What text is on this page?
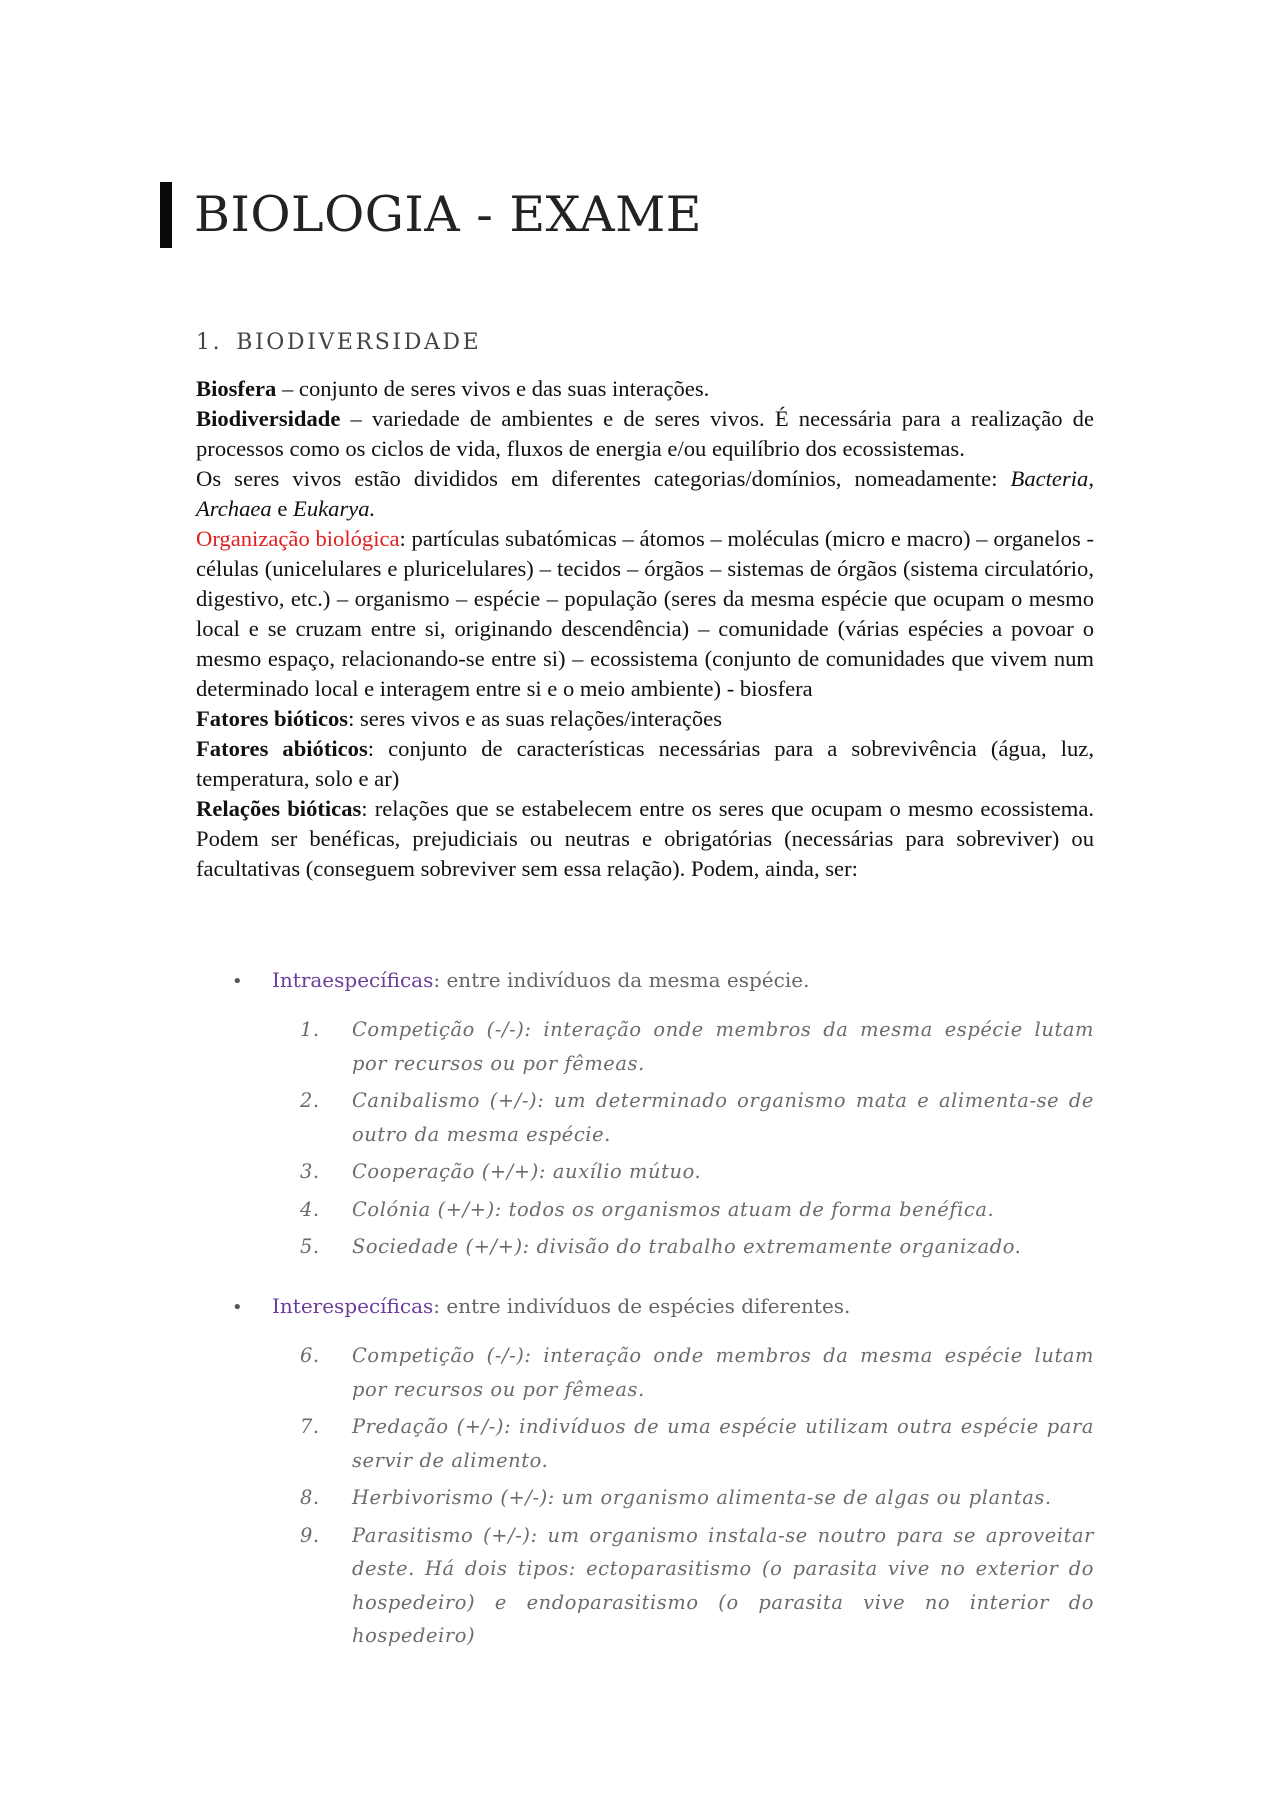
BIOLOGIA - EXAME
1. BIODIVERSIDADE

Biosfera – conjunto de seres vivos e das suas interações.

Biodiversidade – variedade de ambientes e de seres vivos. É necessária para a realização de processos como os ciclos de vida, fluxos de energia e/ou equilíbrio dos ecossistemas.

Os seres vivos estão divididos em diferentes categorias/domínios, nomeadamente: Bacteria, Archaea e Eukarya.

Organização biológica: partículas subatómicas – átomos – moléculas (micro e macro) – organelos - células (unicelulares e pluricelulares) – tecidos – órgãos – sistemas de órgãos (sistema circulatório, digestivo, etc.) – organismo – espécie – população (seres da mesma espécie que ocupam o mesmo local e se cruzam entre si, originando descendência) – comunidade (várias espécies a povoar o mesmo espaço, relacionando-se entre si) – ecossistema (conjunto de comunidades que vivem num determinado local e interagem entre si e o meio ambiente) - biosfera

Fatores bióticos: seres vivos e as suas relações/interações

Fatores abióticos: conjunto de características necessárias para a sobrevivência (água, luz, temperatura, solo e ar)

Relações bióticas: relações que se estabelecem entre os seres que ocupam o mesmo ecossistema. Podem ser benéficas, prejudiciais ou neutras e obrigatórias (necessárias para sobreviver) ou facultativas (conseguem sobreviver sem essa relação). Podem, ainda, ser:

•	Intraespecíficas: entre indivíduos da mesma espécie.
1.	Competição (-/-): interação onde membros da mesma espécie lutam por recursos ou por fêmeas.
2.	Canibalismo (+/-): um determinado organismo mata e alimenta-se de outro da mesma espécie.
3.	Cooperação (+/+): auxílio mútuo.
4.	Colónia (+/+): todos os organismos atuam de forma benéfica.
5.	Sociedade (+/+): divisão do trabalho extremamente organizado.
•	Interespecíficas: entre indivíduos de espécies diferentes.
6.	Competição (-/-): interação onde membros da mesma espécie lutam por recursos ou por fêmeas.
7.	Predação (+/-): indivíduos de uma espécie utilizam outra espécie para servir de alimento.
8.	Herbivorismo (+/-): um organismo alimenta-se de algas ou plantas.
9.	Parasitismo (+/-): um organismo instala-se noutro para se aproveitar deste. Há dois tipos: ectoparasitismo (o parasita vive no exterior do hospedeiro) e endoparasitismo (o parasita vive no interior do hospedeiro)
